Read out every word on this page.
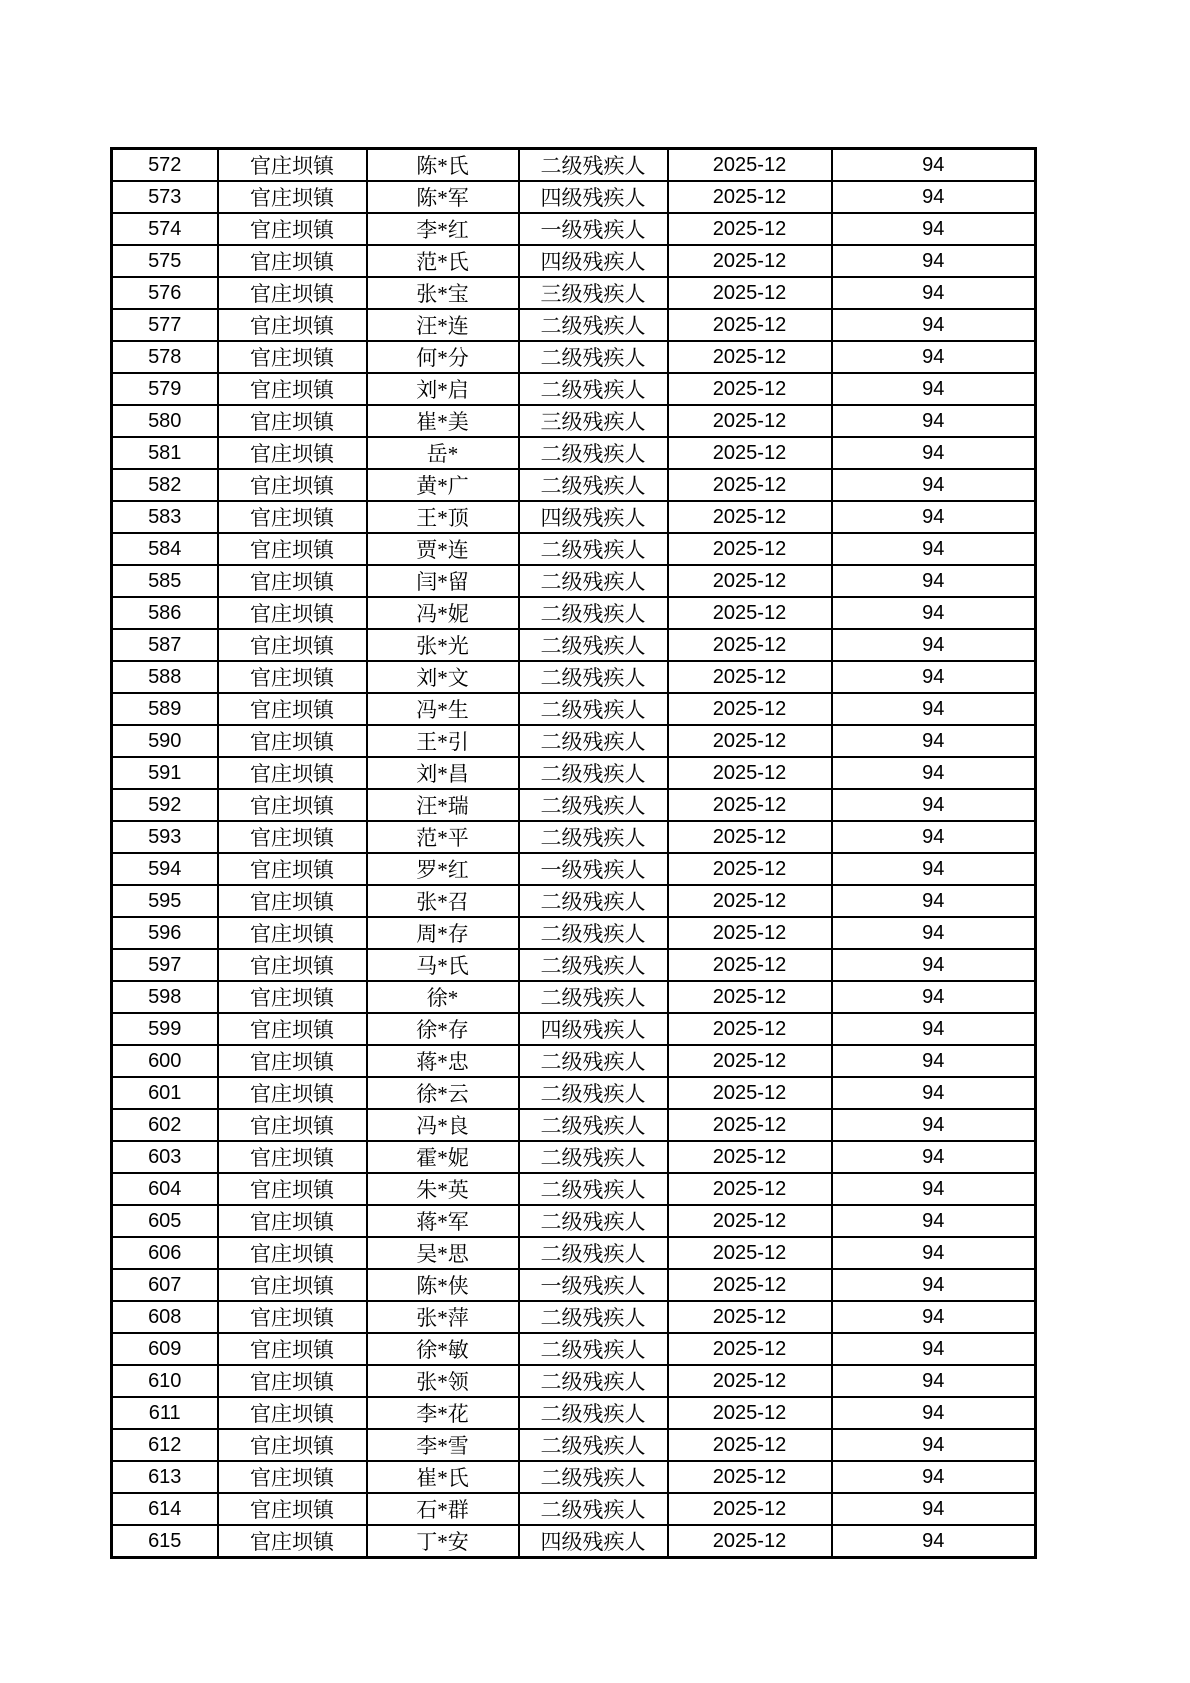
572	官庄坝镇	陈*氏	二级残疾人	2025-12	94
573	官庄坝镇	陈*军	四级残疾人	2025-12	94
574	官庄坝镇	李*红	一级残疾人	2025-12	94
575	官庄坝镇	范*氏	四级残疾人	2025-12	94
576	官庄坝镇	张*宝	三级残疾人	2025-12	94
577	官庄坝镇	汪*连	二级残疾人	2025-12	94
578	官庄坝镇	何*分	二级残疾人	2025-12	94
579	官庄坝镇	刘*启	二级残疾人	2025-12	94
580	官庄坝镇	崔*美	三级残疾人	2025-12	94
581	官庄坝镇	岳*	二级残疾人	2025-12	94
582	官庄坝镇	黄*广	二级残疾人	2025-12	94
583	官庄坝镇	王*顶	四级残疾人	2025-12	94
584	官庄坝镇	贾*连	二级残疾人	2025-12	94
585	官庄坝镇	闫*留	二级残疾人	2025-12	94
586	官庄坝镇	冯*妮	二级残疾人	2025-12	94
587	官庄坝镇	张*光	二级残疾人	2025-12	94
588	官庄坝镇	刘*文	二级残疾人	2025-12	94
589	官庄坝镇	冯*生	二级残疾人	2025-12	94
590	官庄坝镇	王*引	二级残疾人	2025-12	94
591	官庄坝镇	刘*昌	二级残疾人	2025-12	94
592	官庄坝镇	汪*瑞	二级残疾人	2025-12	94
593	官庄坝镇	范*平	二级残疾人	2025-12	94
594	官庄坝镇	罗*红	一级残疾人	2025-12	94
595	官庄坝镇	张*召	二级残疾人	2025-12	94
596	官庄坝镇	周*存	二级残疾人	2025-12	94
597	官庄坝镇	马*氏	二级残疾人	2025-12	94
598	官庄坝镇	徐*	二级残疾人	2025-12	94
599	官庄坝镇	徐*存	四级残疾人	2025-12	94
600	官庄坝镇	蒋*忠	二级残疾人	2025-12	94
601	官庄坝镇	徐*云	二级残疾人	2025-12	94
602	官庄坝镇	冯*良	二级残疾人	2025-12	94
603	官庄坝镇	霍*妮	二级残疾人	2025-12	94
604	官庄坝镇	朱*英	二级残疾人	2025-12	94
605	官庄坝镇	蒋*军	二级残疾人	2025-12	94
606	官庄坝镇	吴*思	二级残疾人	2025-12	94
607	官庄坝镇	陈*侠	一级残疾人	2025-12	94
608	官庄坝镇	张*萍	二级残疾人	2025-12	94
609	官庄坝镇	徐*敏	二级残疾人	2025-12	94
610	官庄坝镇	张*领	二级残疾人	2025-12	94
611	官庄坝镇	李*花	二级残疾人	2025-12	94
612	官庄坝镇	李*雪	二级残疾人	2025-12	94
613	官庄坝镇	崔*氏	二级残疾人	2025-12	94
614	官庄坝镇	石*群	二级残疾人	2025-12	94
615	官庄坝镇	丁*安	四级残疾人	2025-12	94
